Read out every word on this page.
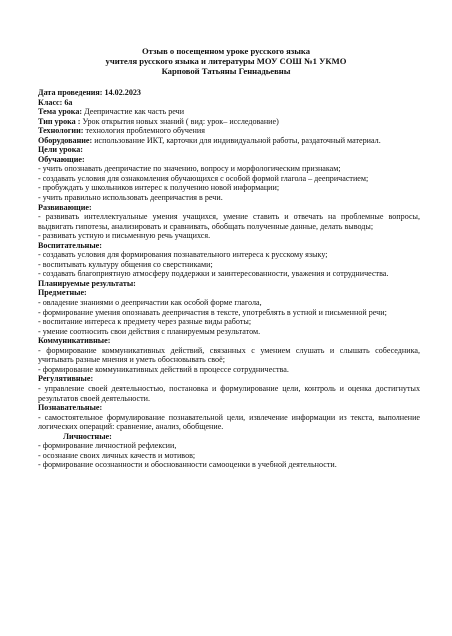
Отзыв о посещенном уроке русского языка
учителя русского языка и литературы МОУ СОШ №1 УКМО
Карповой Татьяны Геннадьевны
Дата проведения: 14.02.2023
Класс: 6а
Тема урока: Деепричастие как часть речи
Тип урока : Урок открытия новых знаний ( вид: урок– исследование)
Технологии: технология проблемного обучения
Оборудование: использование ИКТ, карточки для индивидуальной работы, раздаточный материал.
Цели урока:
Обучающие:
- учить опознавать деепричастие по значению, вопросу и морфологическим признакам;
- создавать условия для ознакомления обучающихся с особой формой глагола – деепричастием;
- пробуждать у школьников интерес к получению новой информации;
- учить правильно использовать деепричастия в речи.
Развивающие:
- развивать интеллектуальные умения учащихся, умение ставить и отвечать на проблемные вопросы, выдвигать гипотезы, анализировать и сравнивать, обобщать полученные данные, делать выводы;
- развивать устную и письменную речь учащихся.
Воспитательные:
- создавать условия для формирования познавательного интереса к русскому языку;
- воспитывать культуру общения со сверстниками;
- создавать благоприятную атмосферу поддержки и заинтересованности, уважения и сотрудничества.
Планируемые результаты:
Предметные:
- овладение знаниями о деепричастии как особой форме глагола,
- формирование умения опознавать деепричастия в тексте, употреблять в устной и письменной речи;
- воспитание интереса к предмету через разные виды работы;
- умение соотносить свои действия с планируемым результатом.
Коммуникативные:
- формирование коммуникативных действий, связанных с умением слушать и слышать собеседника, учитывать разные мнения и уметь обосновывать своё;
- формирование коммуникативных действий в процессе сотрудничества.
Регулятивные:
- управление своей деятельностью, постановка и формулирование цели, контроль и оценка достигнутых результатов своей деятельности.
Познавательные:
- самостоятельное формулирование познавательной цели, извлечение информации из текста, выполнение логических операций: сравнение, анализ, обобщение.
Личностные:
- формирование личностной рефлексии,
- осознание своих личных качеств и мотивов;
- формирование осознанности и обоснованности самооценки в учебной деятельности.
